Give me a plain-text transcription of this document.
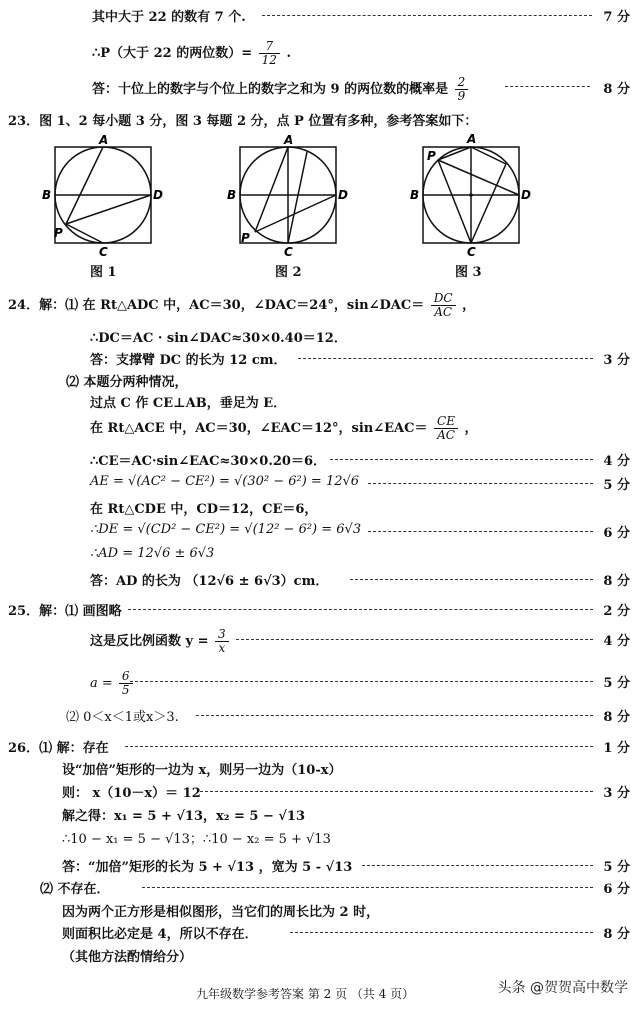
其中大于 22 的数有 7 个.	7 分
∴P（大于 22 的两位数）= $\frac{7}{12}$ .
答：十位上的数字与个位上的数字之和为 9 的两位数的概率是 $\frac{2}{9}$	8 分
23．图 1、2 每小题 3 分，图 3 每题 2 分，点 P 位置有多种，参考答案如下：
A
B
C
D
P
图 1
A
B
C
D
P
图 2
A
B
C
D
P
图 3
24．解：⑴ 在 Rt△ADC 中，AC＝30，∠DAC＝24°，sin∠DAC＝ $\frac{DC}{AC}$ ，
∴DC＝AC · sin∠DAC≈30×0.40＝12．
答：支撑臂 DC 的长为 12 cm．	3 分
⑵ 本题分两种情况，
过点 C 作 CE⊥AB，垂足为 E．
在 Rt△ACE 中，AC＝30，∠EAC＝12°，sin∠EAC＝ $\frac{CE}{AC}$ ，
∴CE＝AC·sin∠EAC≈30×0.20＝6．	4 分
AE = √(AC² − CE²) = √(30² − 6²) = 12√6	5 分
在 Rt△CDE 中，CD＝12，CE＝6，
∴DE = √(CD² − CE²) = √(12² − 6²) = 6√3	6 分
∴AD = 12√6 ± 6√3
答：AD 的长为 （12√6 ± 6√3）cm．	8 分
25．解：⑴ 画图略	2 分
这是反比例函数 $y = \frac{3}{x}$	4 分
$a = \frac{6}{5}$	5 分
⑵ 0＜x＜1或x＞3.	8 分
26．⑴ 解：存在	1 分
设“加倍”矩形的一边为 x，则另一边为（10-x）
则： x（10－x）＝ 12	3 分
解之得：x₁ = 5 + √13，x₂ = 5 − √13
∴10 − x₁ = 5 − √13；∴10 − x₂ = 5 + √13
答：“加倍”矩形的长为 5 + √13 ，宽为 5 - √13	5 分
⑵ 不存在．	6 分
因为两个正方形是相似图形，当它们的周长比为 2 时，
则面积比必定是 4，所以不存在．	8 分
（其他方法酌情给分）
九年级数学参考答案 第 2 页 （共 4 页）	头条 @贺贺高中数学
